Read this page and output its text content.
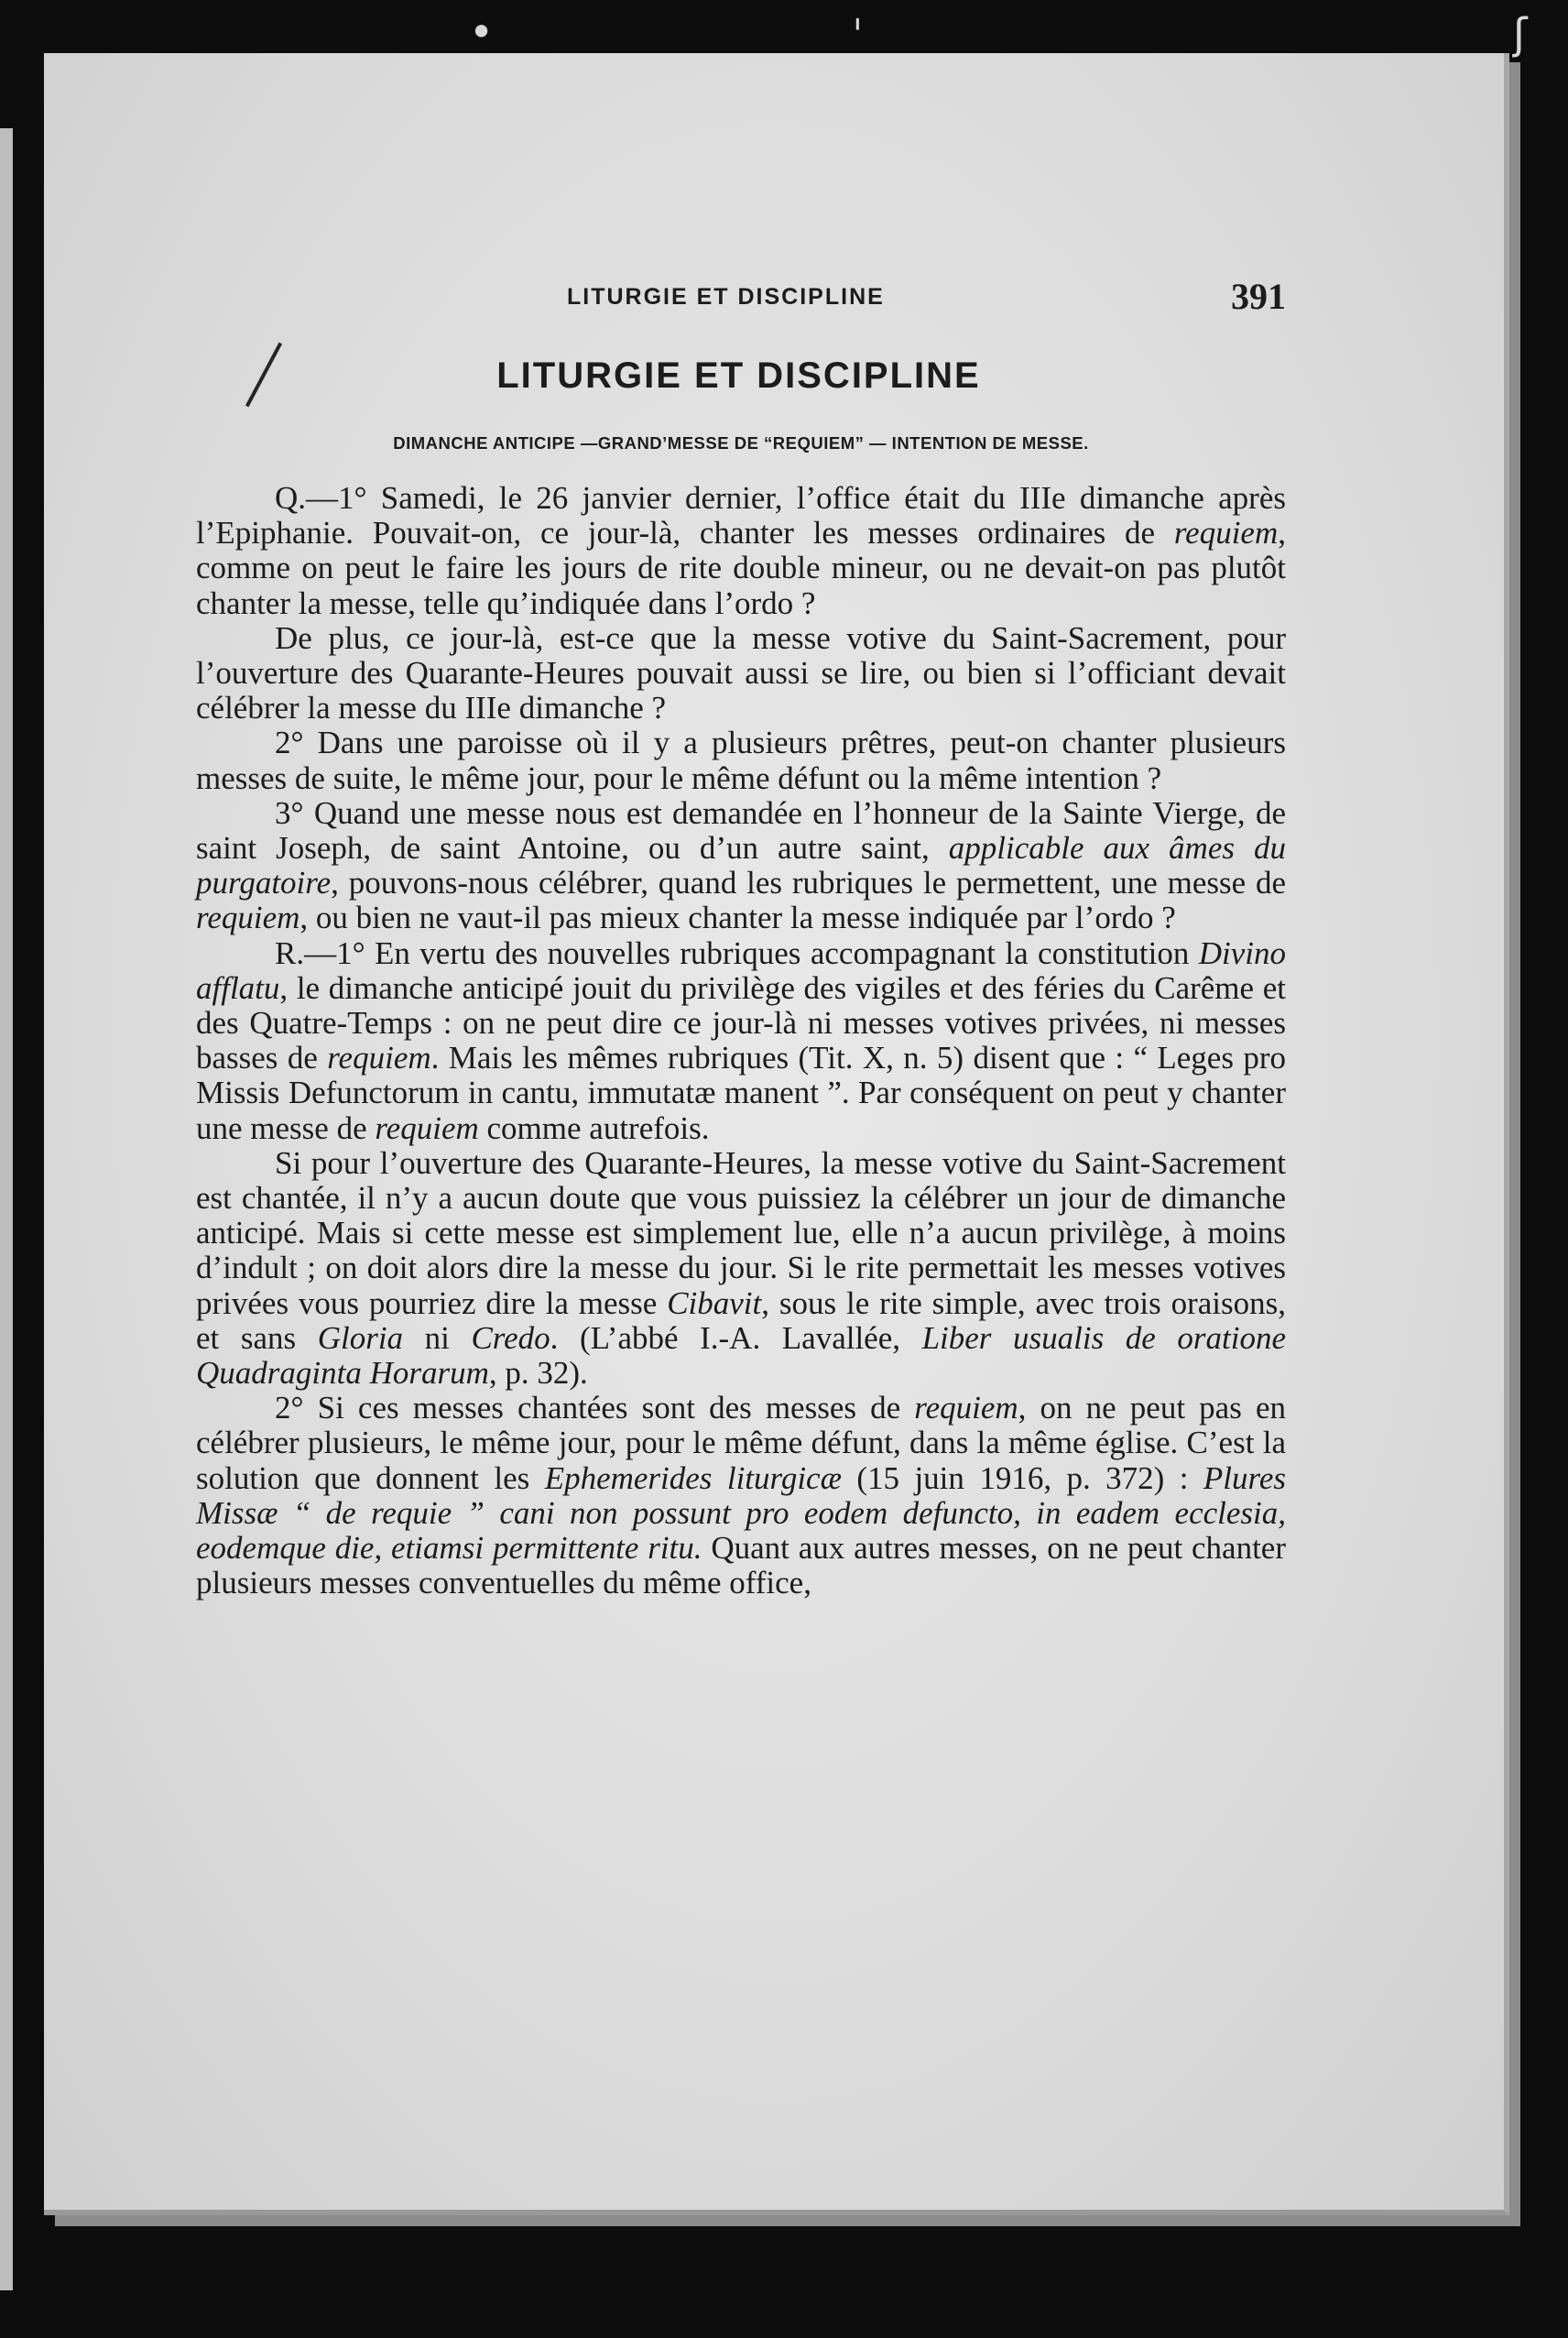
•	ʃ
ˈ
LITURGIE ET DISCIPLINE	391
LITURGIE ET DISCIPLINE
DIMANCHE ANTICIPE —GRAND’MESSE DE “REQUIEM” — INTENTION DE MESSE.

Q.—1° Samedi, le 26 janvier dernier, l’office était du IIIe dimanche après l’Epiphanie. Pouvait-on, ce jour-là, chanter les messes ordinaires de requiem, comme on peut le faire les jours de rite double mineur, ou ne devait-on pas plutôt chanter la messe, telle qu’indiquée dans l’ordo ?

De plus, ce jour-là, est-ce que la messe votive du Saint-Sacrement, pour l’ouverture des Quarante-Heures pouvait aussi se lire, ou bien si l’officiant devait célébrer la messe du IIIe dimanche ?

2° Dans une paroisse où il y a plusieurs prêtres, peut-on chanter plusieurs messes de suite, le même jour, pour le même défunt ou la même intention ?

3° Quand une messe nous est demandée en l’honneur de la Sainte Vierge, de saint Joseph, de saint Antoine, ou d’un autre saint, applicable aux âmes du purgatoire, pouvons-nous célébrer, quand les rubriques le permettent, une messe de requiem, ou bien ne vaut-il pas mieux chanter la messe indiquée par l’ordo ?

R.—1° En vertu des nouvelles rubriques accompagnant la constitution Divino afflatu, le dimanche anticipé jouit du privilège des vigiles et des féries du Carême et des Quatre-Temps : on ne peut dire ce jour-là ni messes votives privées, ni messes basses de requiem. Mais les mêmes rubriques (Tit. X, n. 5) disent que : “ Leges pro Missis Defunctorum in cantu, immutatæ manent ”. Par conséquent on peut y chanter une messe de requiem comme autrefois.

Si pour l’ouverture des Quarante-Heures, la messe votive du Saint-Sacrement est chantée, il n’y a aucun doute que vous puissiez la célébrer un jour de dimanche anticipé. Mais si cette messe est simplement lue, elle n’a aucun privilège, à moins d’indult ; on doit alors dire la messe du jour. Si le rite permettait les messes votives privées vous pourriez dire la messe Cibavit, sous le rite simple, avec trois oraisons, et sans Gloria ni Credo. (L’abbé I.-A. Lavallée, Liber usualis de oratione Quadraginta Horarum, p. 32).

2° Si ces messes chantées sont des messes de requiem, on ne peut pas en célébrer plusieurs, le même jour, pour le même défunt, dans la même église. C’est la solution que donnent les Ephemerides liturgicæ (15 juin 1916, p. 372) : Plures Missæ “ de requie ” cani non possunt pro eodem defuncto, in eadem ecclesia, eodemque die, etiamsi permittente ritu. Quant aux autres messes, on ne peut chanter plusieurs messes conventuelles du même office,
